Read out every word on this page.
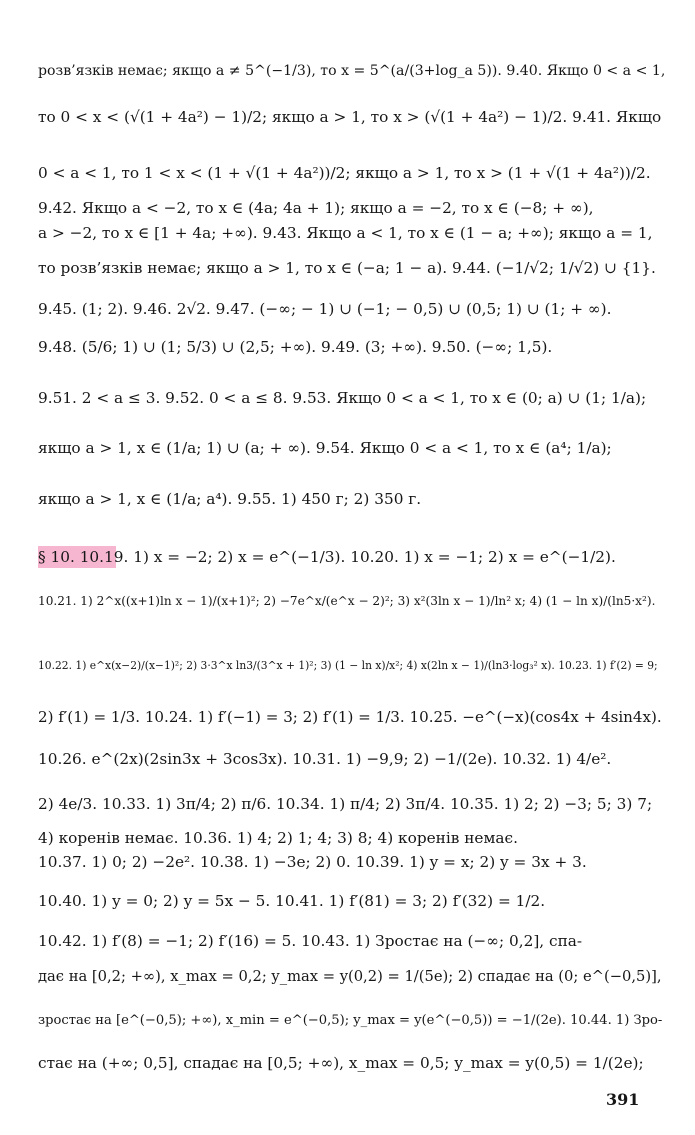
розв’язків немає; якщо a ≠ 5^(−1/3), то x = 5^(a/(3+log_a 5)). 9.40. Якщо 0 < a < 1,
то 0 < x < (√(1 + 4a²) − 1)/2; якщо a > 1, то x > (√(1 + 4a²) − 1)/2. 9.41. Якщо
0 < a < 1, то 1 < x < (1 + √(1 + 4a²))/2; якщо a > 1, то x > (1 + √(1 + 4a²))/2.
9.42. Якщо a < −2, то x ∈ (4a; 4a + 1); якщо a = −2, то x ∈ (−8; + ∞),
a > −2, то x ∈ [1 + 4a; +∞). 9.43. Якщо a < 1, то x ∈ (1 − a; +∞); якщо a = 1,
то розв’язків немає; якщо a > 1, то x ∈ (−a; 1 − a). 9.44. (−1/√2; 1/√2) ∪ {1}.
9.45. (1; 2). 9.46. 2√2. 9.47. (−∞; − 1) ∪ (−1; − 0,5) ∪ (0,5; 1) ∪ (1; + ∞).
9.48. (5/6; 1) ∪ (1; 5/3) ∪ (2,5; +∞). 9.49. (3; +∞). 9.50. (−∞; 1,5).
9.51. 2 < a ≤ 3. 9.52. 0 < a ≤ 8. 9.53. Якщо 0 < a < 1, то x ∈ (0; a) ∪ (1; 1/a);
якщо a > 1, x ∈ (1/a; 1) ∪ (a; + ∞). 9.54. Якщо 0 < a < 1, то x ∈ (a⁴; 1/a);
якщо a > 1, x ∈ (1/a; a⁴). 9.55. 1) 450 г; 2) 350 г.
§ 10. 10.19. 1) x = −2; 2) x = e^(−1/3). 10.20. 1) x = −1; 2) x = e^(−1/2).
10.21. 1) 2^x((x+1)ln x − 1)/(x+1)²; 2) −7e^x/(e^x − 2)²; 3) x²(3ln x − 1)/ln² x; 4) (1 − ln x)/(ln5·x²).
10.22. 1) e^x(x−2)/(x−1)²; 2) 3·3^x ln3/(3^x + 1)²; 3) (1 − ln x)/x²; 4) x(2ln x − 1)/(ln3·log₃² x). 10.23. 1) f′(2) = 9;
2) f′(1) = 1/3. 10.24. 1) f′(−1) = 3; 2) f′(1) = 1/3. 10.25. −e^(−x)(cos4x + 4sin4x).
10.26. e^(2x)(2sin3x + 3cos3x). 10.31. 1) −9,9; 2) −1/(2e). 10.32. 1) 4/e².
2) 4e/3. 10.33. 1) 3π/4; 2) π/6. 10.34. 1) π/4; 2) 3π/4. 10.35. 1) 2; 2) −3; 5; 3) 7;
4) коренів немає. 10.36. 1) 4; 2) 1; 4; 3) 8; 4) коренів немає.
10.37. 1) 0; 2) −2e². 10.38. 1) −3e; 2) 0. 10.39. 1) y = x; 2) y = 3x + 3.
10.40. 1) y = 0; 2) y = 5x − 5. 10.41. 1) f′(81) = 3; 2) f′(32) = 1/2.
10.42. 1) f′(8) = −1; 2) f′(16) = 5. 10.43. 1) Зростає на (−∞; 0,2], спа-
дає на [0,2; +∞), x_max = 0,2; y_max = y(0,2) = 1/(5e); 2) спадає на (0; e^(−0,5)],
зростає на [e^(−0,5); +∞), x_min = e^(−0,5); y_max = y(e^(−0,5)) = −1/(2e). 10.44. 1) Зро-
стає на (+∞; 0,5], спадає на [0,5; +∞), x_max = 0,5; y_max = y(0,5) = 1/(2e);
391
